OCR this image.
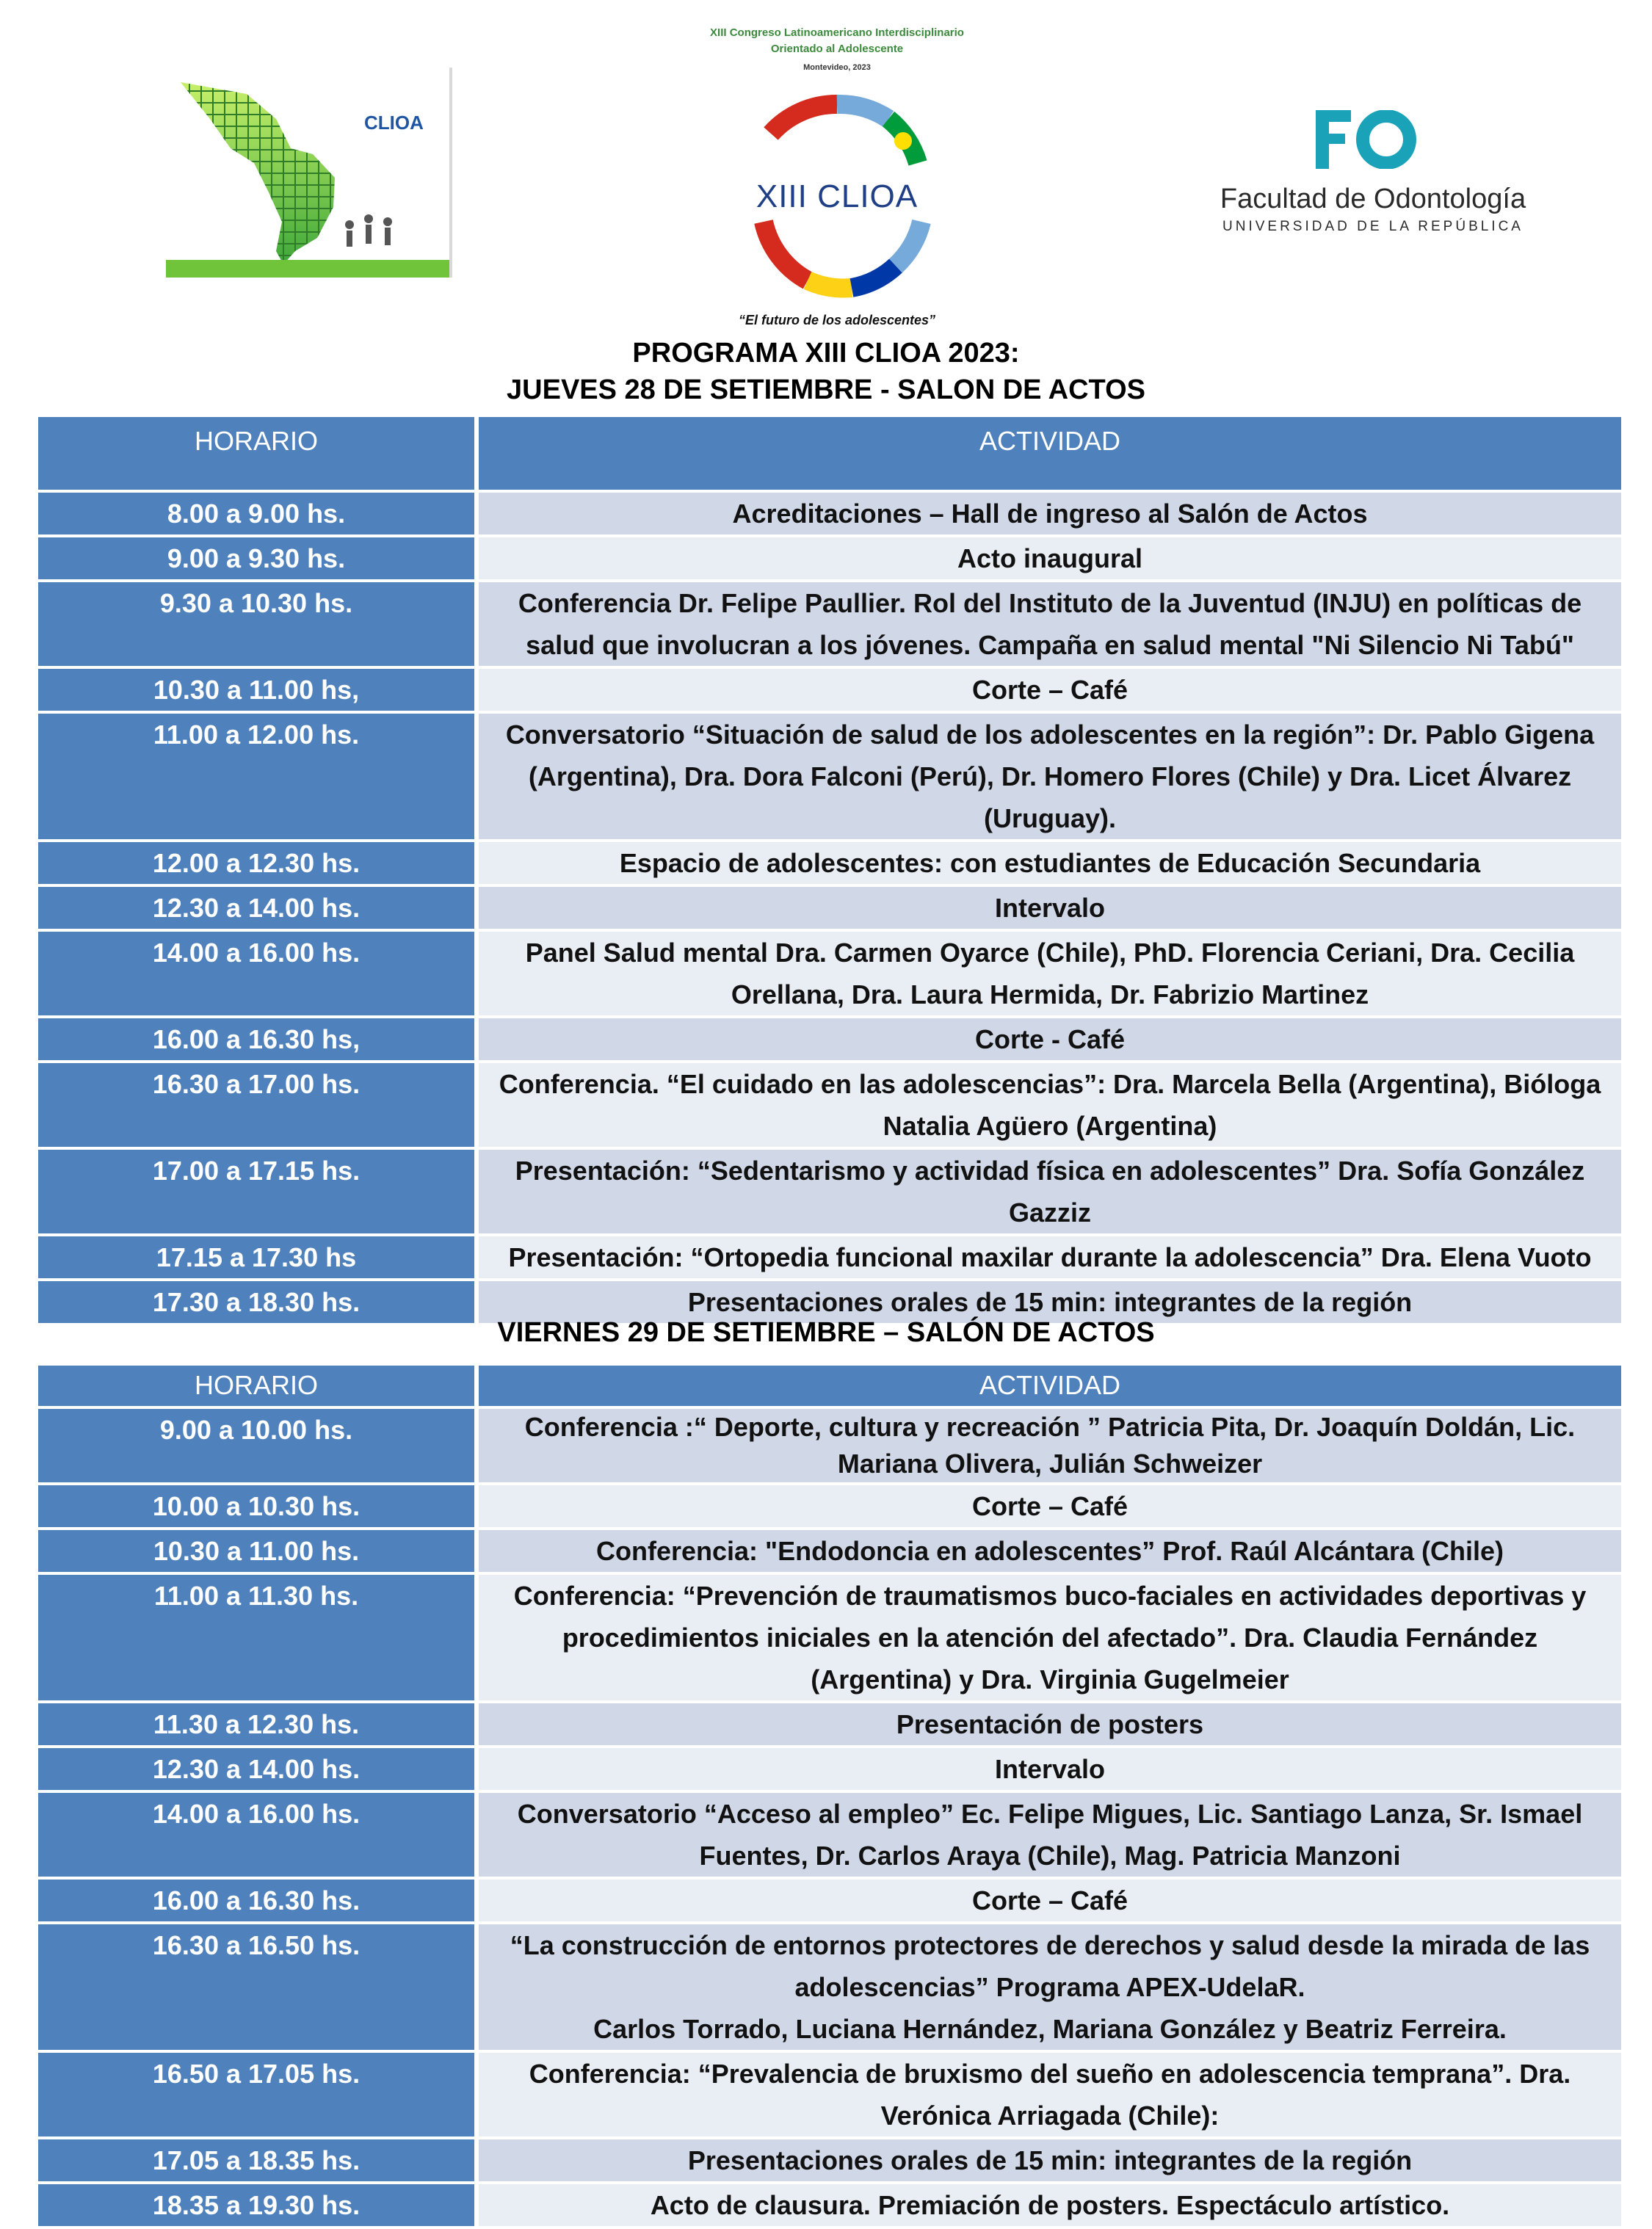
CLIOA
XIII Congreso Latinoamericano Interdisciplinario
Orientado al Adolescente
Montevideo, 2023
XIII CLIOA
“El futuro de los adolescentes”
Facultad de Odontología
UNIVERSIDAD DE LA REPÚBLICA
PROGRAMA XIII CLIOA 2023:
JUEVES 28 DE SETIEMBRE - SALON DE ACTOS
HORARIO		ACTIVIDAD
8.00 a 9.00 hs.		Acreditaciones – Hall de ingreso al Salón de Actos
9.00 a 9.30 hs.		Acto inaugural
9.30 a 10.30 hs.		Conferencia Dr. Felipe Paullier. Rol del Instituto de la Juventud (INJU) en políticas de salud que involucran a los jóvenes. Campaña en salud mental "Ni Silencio Ni Tabú"
10.30 a 11.00 hs,		Corte – Café
11.00 a 12.00 hs.		Conversatorio “Situación de salud de los adolescentes en la región”: Dr. Pablo Gigena (Argentina), Dra. Dora Falconi (Perú), Dr. Homero Flores (Chile) y Dra. Licet Álvarez (Uruguay).
12.00 a 12.30 hs.		Espacio de adolescentes: con estudiantes de Educación Secundaria
12.30 a 14.00 hs.		Intervalo
14.00 a 16.00 hs.		Panel Salud mental Dra. Carmen Oyarce (Chile), PhD. Florencia Ceriani, Dra. Cecilia Orellana, Dra. Laura Hermida, Dr. Fabrizio Martinez
16.00 a 16.30 hs,		Corte - Café
16.30 a 17.00 hs.		Conferencia. “El cuidado en las adolescencias”: Dra. Marcela Bella (Argentina), Bióloga Natalia Agüero (Argentina)
17.00 a 17.15 hs.		Presentación: “Sedentarismo y actividad física en adolescentes” Dra. Sofía González Gazziz
17.15 a 17.30 hs		Presentación: “Ortopedia funcional maxilar durante la adolescencia” Dra. Elena Vuoto
17.30 a 18.30 hs.		Presentaciones orales de 15 min: integrantes de la región
VIERNES 29 DE SETIEMBRE – SALÓN DE ACTOS
HORARIO		ACTIVIDAD
9.00 a 10.00 hs.		Conferencia :“ Deporte, cultura y recreación ” Patricia Pita, Dr. Joaquín Doldán, Lic. Mariana Olivera, Julián Schweizer
10.00 a 10.30 hs.		Corte – Café
10.30 a 11.00 hs.		Conferencia: "Endodoncia en adolescentes” Prof. Raúl Alcántara (Chile)
11.00 a 11.30 hs.		Conferencia: “Prevención de traumatismos buco-faciales en actividades deportivas y procedimientos iniciales en la atención del afectado”. Dra. Claudia Fernández (Argentina) y Dra. Virginia Gugelmeier
11.30 a 12.30 hs.		Presentación de posters
12.30 a 14.00 hs.		Intervalo
14.00 a 16.00 hs.		Conversatorio “Acceso al empleo” Ec. Felipe Migues, Lic. Santiago Lanza, Sr. Ismael Fuentes, Dr. Carlos Araya (Chile), Mag. Patricia Manzoni
16.00 a 16.30 hs.		Corte – Café
16.30 a 16.50 hs.		“La construcción de entornos protectores de derechos y salud desde la mirada de las adolescencias” Programa APEX-UdelaR.
Carlos Torrado, Luciana Hernández, Mariana González y Beatriz Ferreira.

16.50 a 17.05 hs.		Conferencia: “Prevalencia de bruxismo del sueño en adolescencia temprana”. Dra. Verónica Arriagada (Chile):
17.05 a 18.35 hs.		Presentaciones orales de 15 min: integrantes de la región
18.35 a 19.30 hs.		Acto de clausura. Premiación de posters. Espectáculo artístico.
